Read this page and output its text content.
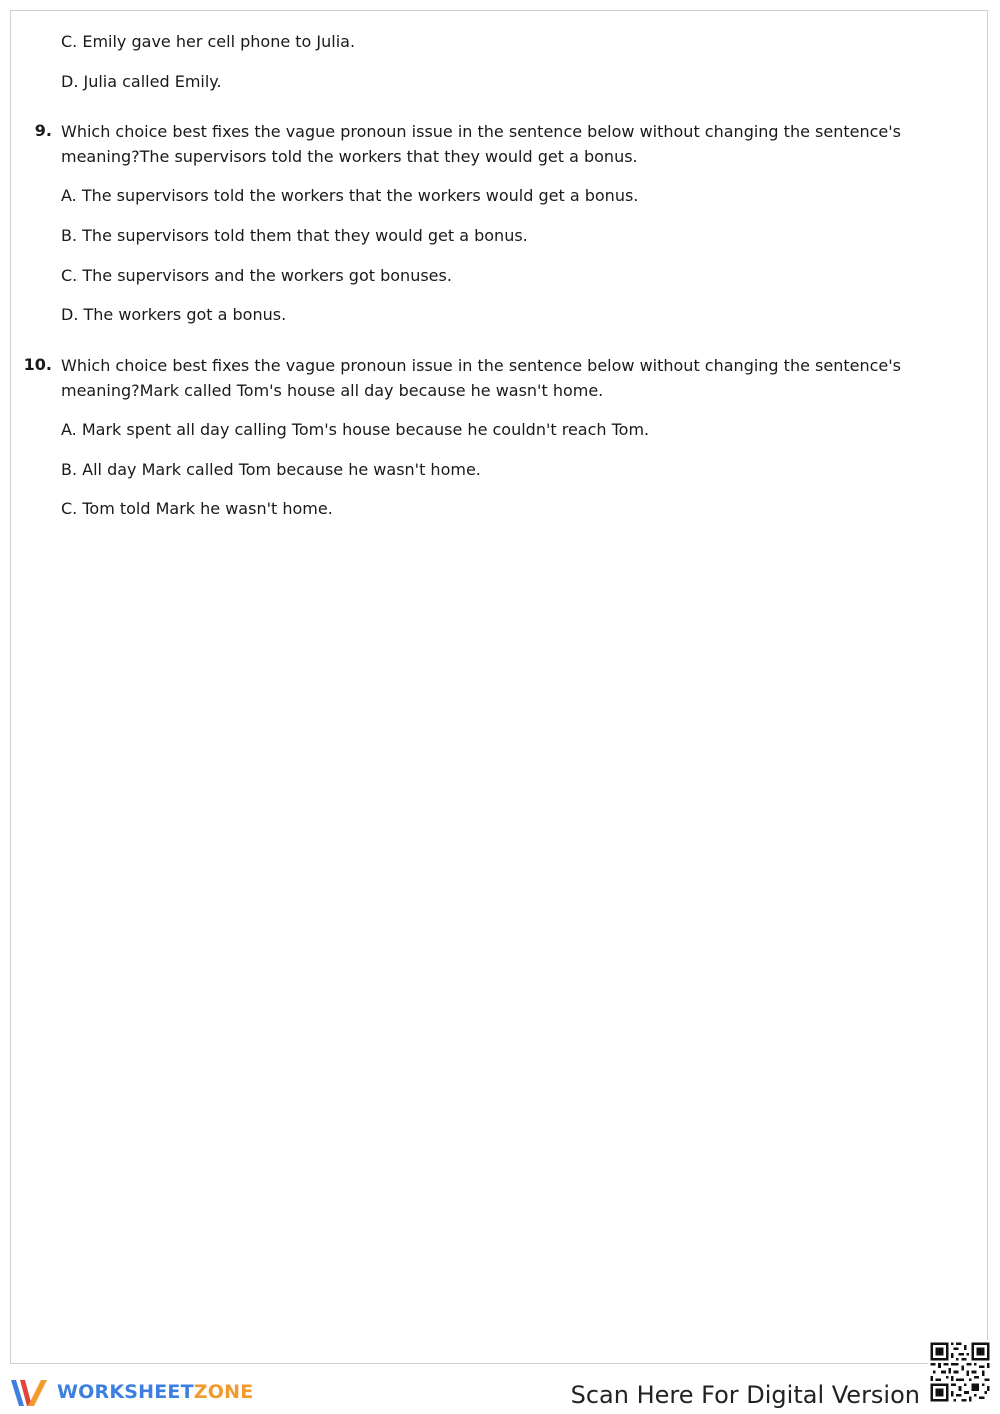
C. Emily gave her cell phone to Julia.
D. Julia called Emily.
9. Which choice best fixes the vague pronoun issue in the sentence below without changing the sentence's meaning?The supervisors told the workers that they would get a bonus.
A. The supervisors told the workers that the workers would get a bonus.
B. The supervisors told them that they would get a bonus.
C. The supervisors and the workers got bonuses.
D. The workers got a bonus.
10. Which choice best fixes the vague pronoun issue in the sentence below without changing the sentence's meaning?Mark called Tom's house all day because he wasn't home.
A. Mark spent all day calling Tom's house because he couldn't reach Tom.
B. All day Mark called Tom because he wasn't home.
C. Tom told Mark he wasn't home.
WORKSHEETZONE	Scan Here For Digital Version
